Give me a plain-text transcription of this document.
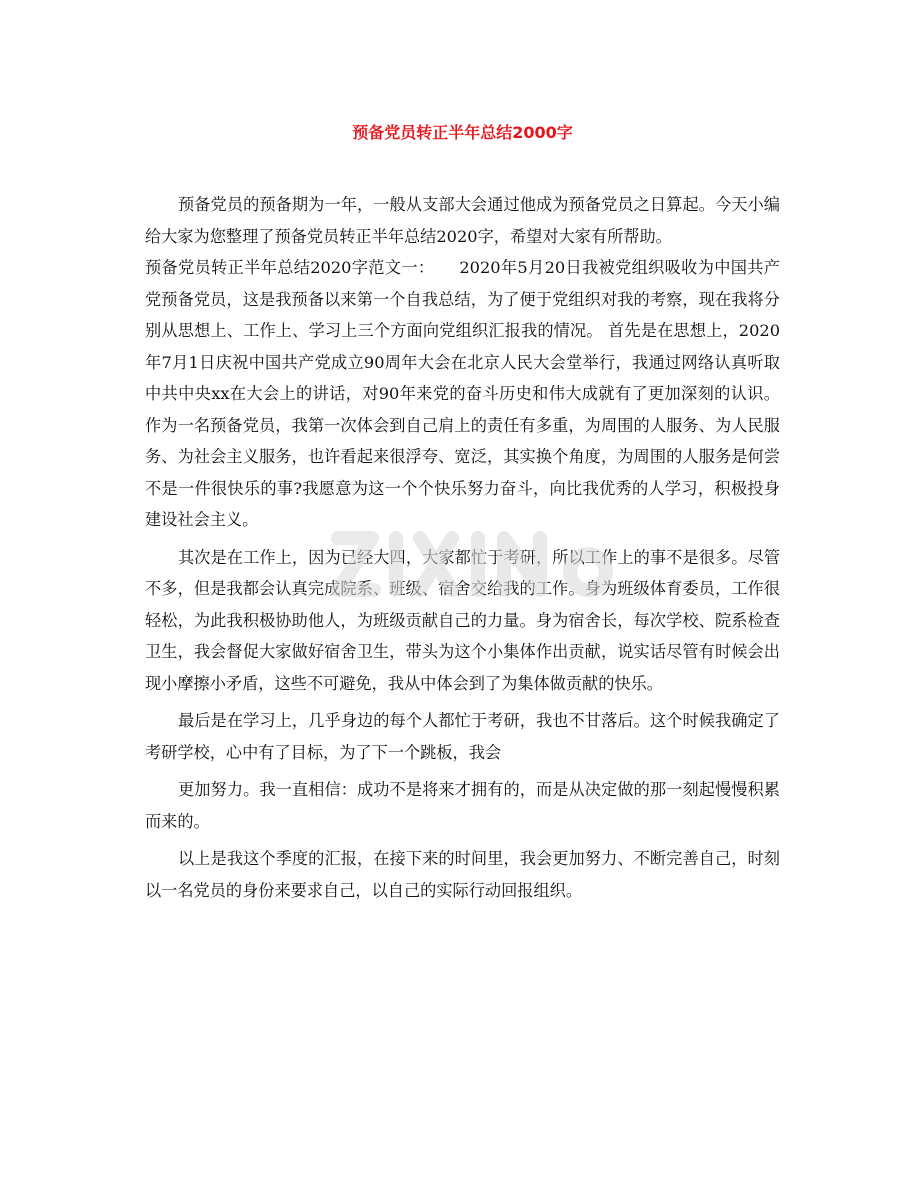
预备党员转正半年总结2000字

预备党员的预备期为一年，一般从支部大会通过他成为预备党员之日算起。今天小编给大家为您整理了预备党员转正半年总结2020字，希望对大家有所帮助。

预备党员转正半年总结2020字范文一：　　2020年5月20日我被党组织吸收为中国共产党预备党员，这是我预备以来第一个自我总结，为了便于党组织对我的考察，现在我将分别从思想上、工作上、学习上三个方面向党组织汇报我的情况。 首先是在思想上，2020年7月1日庆祝中国共产党成立90周年大会在北京人民大会堂举行，我通过网络认真听取中共中央xx在大会上的讲话，对90年来党的奋斗历史和伟大成就有了更加深刻的认识。作为一名预备党员，我第一次体会到自己肩上的责任有多重，为周围的人服务、为人民服务、为社会主义服务，也许看起来很浮夸、宽泛，其实换个角度，为周围的人服务是何尝不是一件很快乐的事?我愿意为这一个个快乐努力奋斗，向比我优秀的人学习，积极投身建设社会主义。

其次是在工作上，因为已经大四，大家都忙于考研，所以工作上的事不是很多。尽管不多，但是我都会认真完成院系、班级、宿舍交给我的工作。身为班级体育委员，工作很轻松，为此我积极协助他人，为班级贡献自己的力量。身为宿舍长，每次学校、院系检查卫生，我会督促大家做好宿舍卫生，带头为这个小集体作出贡献，说实话尽管有时候会出现小摩擦小矛盾，这些不可避免，我从中体会到了为集体做贡献的快乐。

最后是在学习上，几乎身边的每个人都忙于考研，我也不甘落后。这个时候我确定了考研学校，心中有了目标，为了下一个跳板，我会

更加努力。我一直相信：成功不是将来才拥有的，而是从决定做的那一刻起慢慢积累而来的。

以上是我这个季度的汇报，在接下来的时间里，我会更加努力、不断完善自己，时刻以一名党员的身份来要求自己，以自己的实际行动回报组织。
